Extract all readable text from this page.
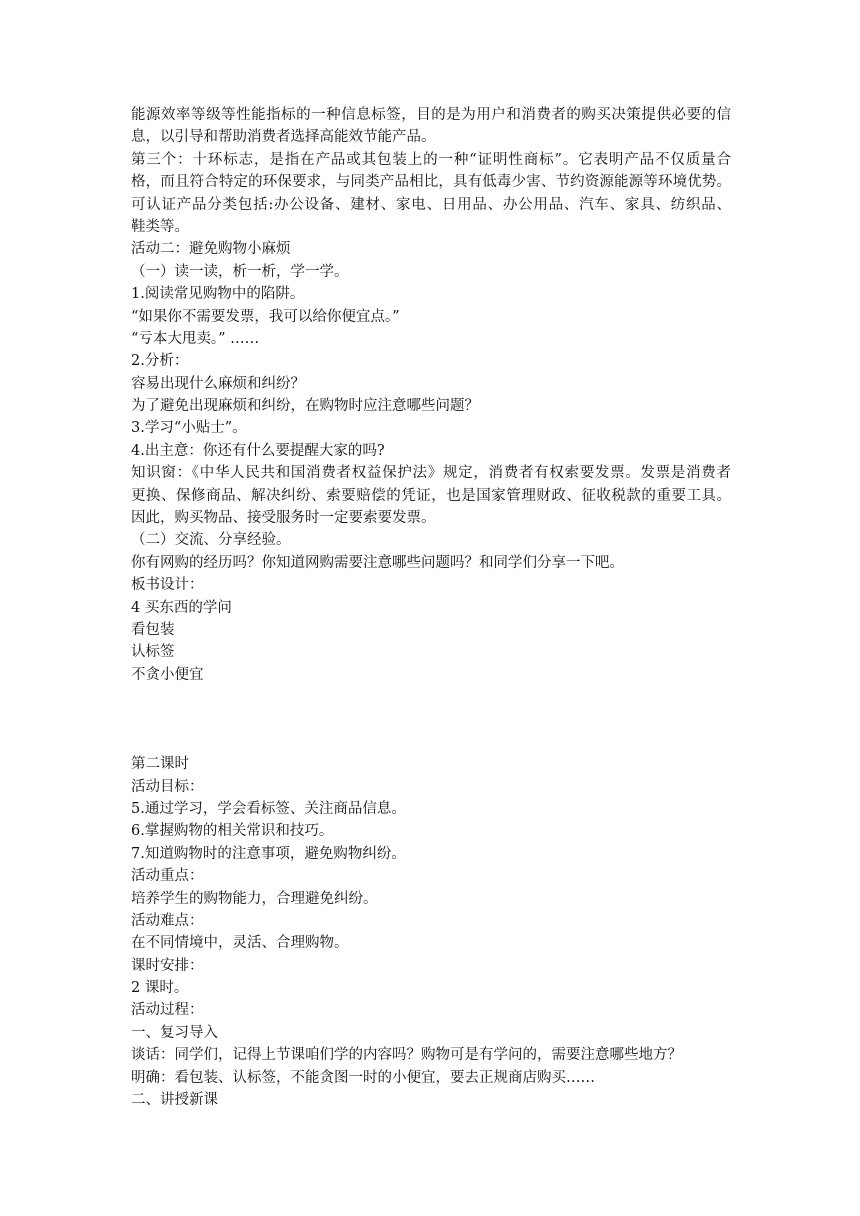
能源效率等级等性能指标的一种信息标签，目的是为用户和消费者的购买决策提供必要的信
息，以引导和帮助消费者选择高能效节能产品。
第三个：十环标志，是指在产品或其包装上的一种“证明性商标”。它表明产品不仅质量合
格，而且符合特定的环保要求，与同类产品相比，具有低毒少害、节约资源能源等环境优势。
可认证产品分类包括:办公设备、建材、家电、日用品、办公用品、汽车、家具、纺织品、
鞋类等。
活动二：避免购物小麻烦
（一）读一读，析一析，学一学。
1.阅读常见购物中的陷阱。
“如果你不需要发票，我可以给你便宜点。”
“亏本大甩卖。” ……
2.分析：
容易出现什么麻烦和纠纷？
为了避免出现麻烦和纠纷，在购物时应注意哪些问题？
3.学习“小贴士”。
4.出主意：你还有什么要提醒大家的吗?
知识窗：《中华人民共和国消费者权益保护法》规定，消费者有权索要发票。发票是消费者
更换、保修商品、解决纠纷、索要赔偿的凭证，也是国家管理财政、征收税款的重要工具。
因此，购买物品、接受服务时一定要索要发票。
（二）交流、分享经验。
你有网购的经历吗？你知道网购需要注意哪些问题吗？和同学们分享一下吧。
板书设计：
4 买东西的学问
看包装
认标签
不贪小便宜
第二课时
活动目标：
5.通过学习，学会看标签、关注商品信息。
6.掌握购物的相关常识和技巧。
7.知道购物时的注意事项，避免购物纠纷。
活动重点：
培养学生的购物能力，合理避免纠纷。
活动难点：
在不同情境中，灵活、合理购物。
课时安排：
2 课时。
活动过程：
一、复习导入
谈话：同学们，记得上节课咱们学的内容吗？购物可是有学问的，需要注意哪些地方？
明确：看包装、认标签，不能贪图一时的小便宜，要去正规商店购买……
二、讲授新课
